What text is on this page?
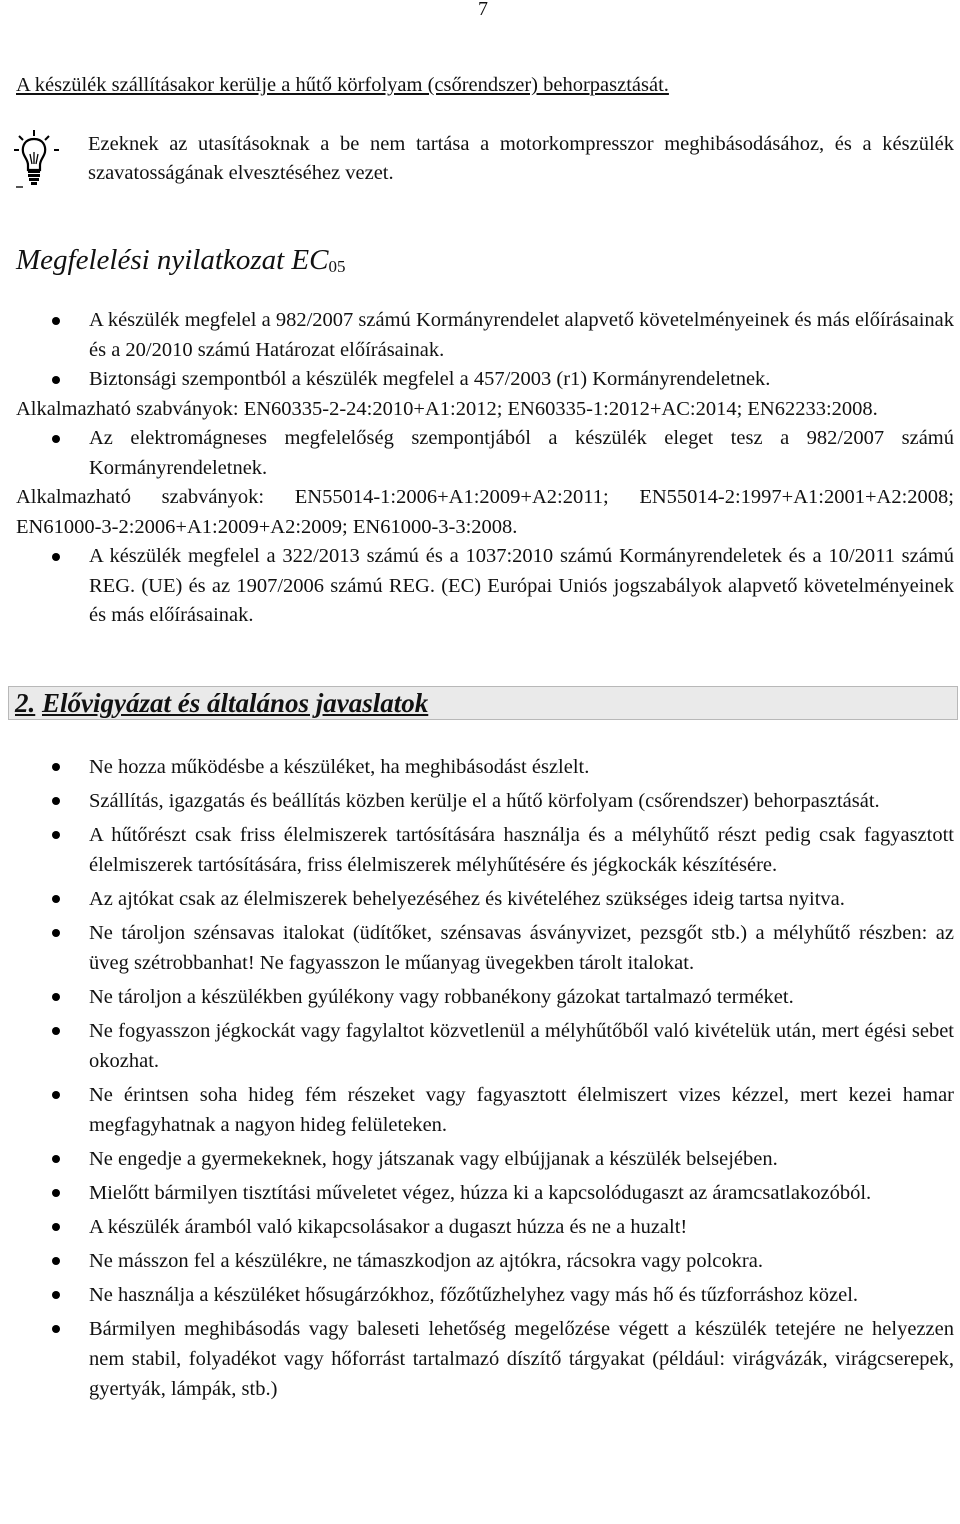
7
A készülék szállításakor kerülje a hűtő körfolyam (csőrendszer) behorpasztását.
Ezeknek az utasításoknak a be nem tartása a motorkompresszor meghibásodásához, és a készülék szavatosságának elvesztéséhez vezet.
Megfelelési nyilatkozat $EC_{05}$
A készülék megfelel a 982/2007 számú Kormányrendelet alapvető követelményeinek és más előírásainak és a 20/2010 számú Határozat előírásainak.
Biztonsági szempontból a készülék megfelel a 457/2003 (r1) Kormányrendeletnek.
Alkalmazható szabványok: EN60335-2-24:2010+A1:2012; EN60335-1:2012+AC:2014; EN62233:2008.
Az elektromágneses megfelelőség szempontjából a készülék eleget tesz a 982/2007 számú Kormányrendeletnek.
Alkalmazható szabványok: EN55014-1:2006+A1:2009+A2:2011; EN55014-2:1997+A1:2001+A2:2008; EN61000-3-2:2006+A1:2009+A2:2009; EN61000-3-3:2008.
A készülék megfelel a 322/2013 számú és a 1037:2010 számú Kormányrendeletek és a 10/2011 számú REG. (UE) és az 1907/2006 számú REG. (EC) Európai Uniós jogszabályok alapvető követelményeinek és más előírásainak.
2. Elővigyázat és általános javaslatok
Ne hozza működésbe a készüléket, ha meghibásodást észlelt.
Szállítás, igazgatás és beállítás közben kerülje el a hűtő körfolyam (csőrendszer) behorpasztását.
A hűtőrészt csak friss élelmiszerek tartósítására használja és a mélyhűtő részt pedig csak fagyasztott élelmiszerek tartósítására, friss élelmiszerek mélyhűtésére és jégkockák készítésére.
Az ajtókat csak az élelmiszerek behelyezéséhez és kivételéhez szükséges ideig tartsa nyitva.
Ne tároljon szénsavas italokat (üdítőket, szénsavas ásványvizet, pezsgőt stb.) a mélyhűtő részben: az üveg szétrobbanhat! Ne fagyasszon le műanyag üvegekben tárolt italokat.
Ne tároljon a készülékben gyúlékony vagy robbanékony gázokat tartalmazó terméket.
Ne fogyasszon jégkockát vagy fagylaltot közvetlenül a mélyhűtőből való kivételük után, mert égési sebet okozhat.
Ne érintsen soha hideg fém részeket vagy fagyasztott élelmiszert vizes kézzel, mert kezei hamar megfagyhatnak a nagyon hideg felületeken.
Ne engedje a gyermekeknek, hogy játszanak vagy elbújjanak a készülék belsejében.
Mielőtt bármilyen tisztítási műveletet végez, húzza ki a kapcsolódugaszt az áramcsatlakozóból.
A készülék áramból való kikapcsolásakor a dugaszt húzza és ne a huzalt!
Ne másszon fel a készülékre, ne támaszkodjon az ajtókra, rácsokra vagy polcokra.
Ne használja a készüléket hősugárzókhoz, főzőtűzhelyhez vagy más hő és tűzforráshoz közel.
Bármilyen meghibásodás vagy baleseti lehetőség megelőzése végett a készülék tetejére ne helyezzen nem stabil, folyadékot vagy hőforrást tartalmazó díszítő tárgyakat (például: virágvázák, virágcserepek, gyertyák, lámpák, stb.)
